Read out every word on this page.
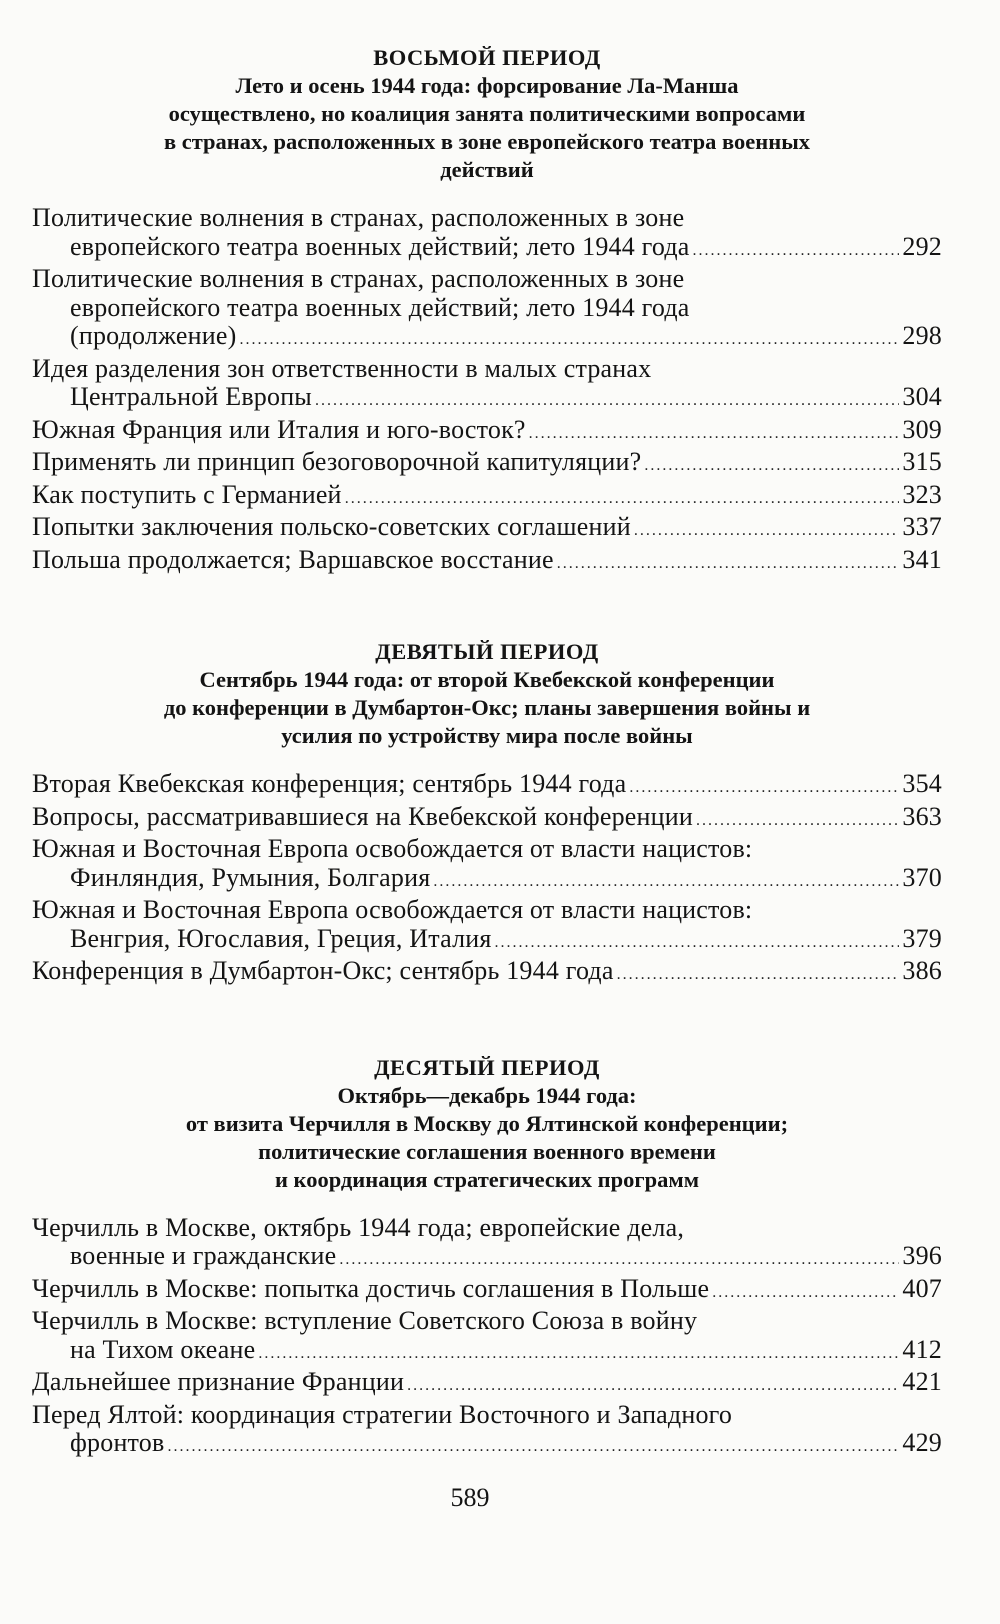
ВОСЬМОЙ ПЕРИОД
Лето и осень 1944 года: форсирование Ла-Манша
осуществлено, но коалиция занята политическими вопросами
в странах, расположенных в зоне европейского театра военных
действий
Политические волнения в странах, расположенных в зоне
европейского театра военных действий; лето 1944 года .....	292
Политические волнения в странах, расположенных в зоне
европейского театра военных действий; лето 1944 года
(продолжение) .....	298
Идея разделения зон ответственности в малых странах
Центральной Европы .....	304
Южная Франция или Италия и юго-восток? .....	309
Применять ли принцип безоговорочной капитуляции? .....	315
Как поступить с Германией .....	323
Попытки заключения польско-советских соглашений .....	337
Польша продолжается; Варшавское восстание .....	341
ДЕВЯТЫЙ ПЕРИОД
Сентябрь 1944 года: от второй Квебекской конференции
до конференции в Думбартон-Окс; планы завершения войны и
усилия по устройству мира после войны
Вторая Квебекская конференция; сентябрь 1944 года .....	354
Вопросы, рассматривавшиеся на Квебекской конференции .....	363
Южная и Восточная Европа освобождается от власти нацистов:
Финляндия, Румыния, Болгария .....	370
Южная и Восточная Европа освобождается от власти нацистов:
Венгрия, Югославия, Греция, Италия .....	379
Конференция в Думбартон-Окс; сентябрь 1944 года .....	386
ДЕСЯТЫЙ ПЕРИОД
Октябрь—декабрь 1944 года:
от визита Черчилля в Москву до Ялтинской конференции;
политические соглашения военного времени
и координация стратегических программ
Черчилль в Москве, октябрь 1944 года; европейские дела,
военные и гражданские .....	396
Черчилль в Москве: попытка достичь соглашения в Польше .....	407
Черчилль в Москве: вступление Советского Союза в войну
на Тихом океане .....	412
Дальнейшее признание Франции .....	421
Перед Ялтой: координация стратегии Восточного и Западного
фронтов .....	429
589
